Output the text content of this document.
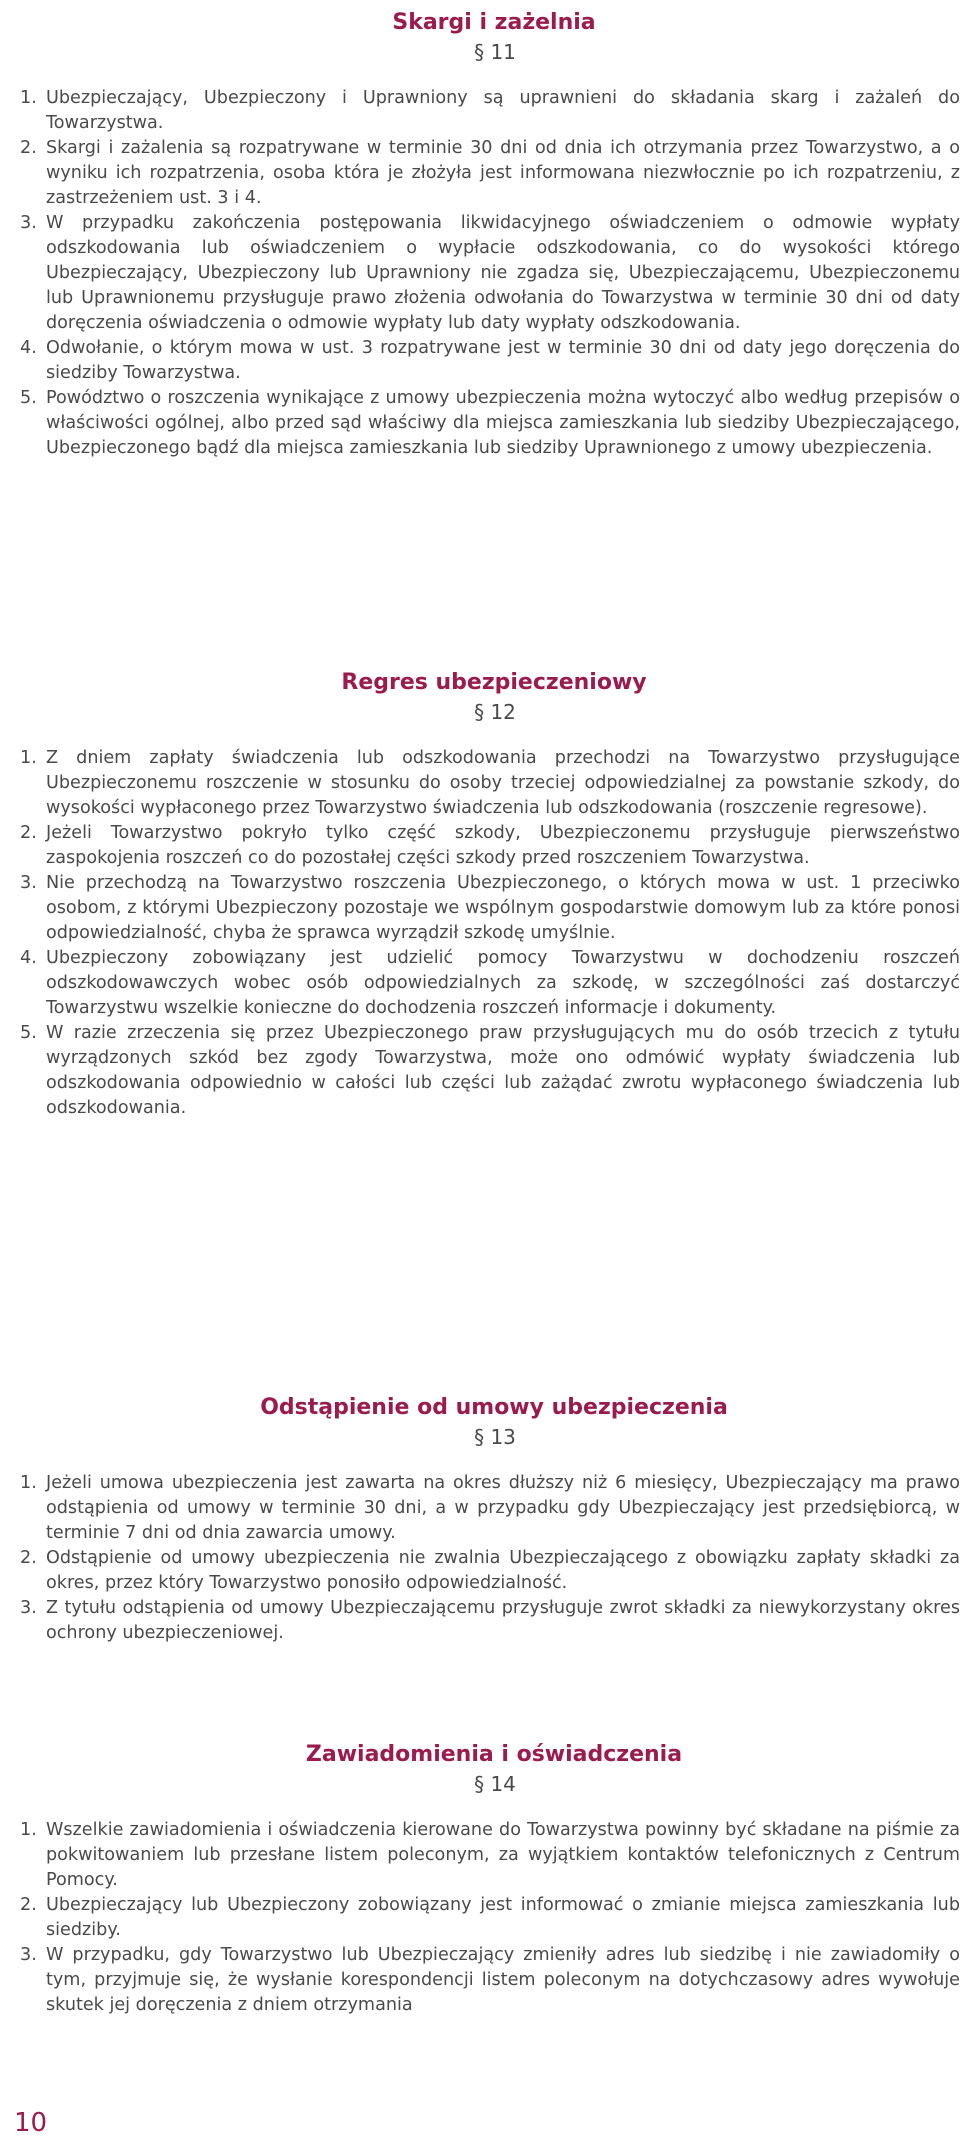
Skargi i zażelnia
§ 11
1. Ubezpieczający, Ubezpieczony i Uprawniony są uprawnieni do składania skarg i zażaleń do Towarzystwa.
2. Skargi i zażalenia są rozpatrywane w terminie 30 dni od dnia ich otrzymania przez Towarzystwo, a o wyniku ich rozpatrzenia, osoba która je złożyła jest informowana niezwłocznie po ich rozpatrzeniu, z zastrzeżeniem ust. 3 i 4.
3. W przypadku zakończenia postępowania likwidacyjnego oświadczeniem o odmowie wypłaty odszkodowania lub oświadczeniem o wypłacie odszkodowania, co do wysokości którego Ubezpieczający, Ubezpieczony lub Uprawniony nie zgadza się, Ubezpieczającemu, Ubezpieczonemu lub Uprawnionemu przysługuje prawo złożenia odwołania do Towarzystwa w terminie 30 dni od daty doręczenia oświadczenia o odmowie wypłaty lub daty wypłaty odszkodowania.
4. Odwołanie, o którym mowa w ust. 3 rozpatrywane jest w terminie 30 dni od daty jego doręczenia do siedziby Towarzystwa.
5. Powództwo o roszczenia wynikające z umowy ubezpieczenia można wytoczyć albo według przepisów o właściwości ogólnej, albo przed sąd właściwy dla miejsca zamieszkania lub siedziby Ubezpieczającego, Ubezpieczonego bądź dla miejsca zamieszkania lub siedziby Uprawnionego z umowy ubezpieczenia.
Regres ubezpieczeniowy
§ 12
1. Z dniem zapłaty świadczenia lub odszkodowania przechodzi na Towarzystwo przysługujące Ubezpieczonemu roszczenie w stosunku do osoby trzeciej odpowiedzialnej za powstanie szkody, do wysokości wypłaconego przez Towarzystwo świadczenia lub odszkodowania (roszczenie regresowe).
2. Jeżeli Towarzystwo pokryło tylko część szkody, Ubezpieczonemu przysługuje pierwszeństwo zaspokojenia roszczeń co do pozostałej części szkody przed roszczeniem Towarzystwa.
3. Nie przechodzą na Towarzystwo roszczenia Ubezpieczonego, o których mowa w ust. 1 przeciwko osobom, z którymi Ubezpieczony pozostaje we wspólnym gospodarstwie domowym lub za które ponosi odpowiedzialność, chyba że sprawca wyrządził szkodę umyślnie.
4. Ubezpieczony zobowiązany jest udzielić pomocy Towarzystwu w dochodzeniu roszczeń odszkodowawczych wobec osób odpowiedzialnych za szkodę, w szczególności zaś dostarczyć Towarzystwu wszelkie konieczne do dochodzenia roszczeń informacje i dokumenty.
5. W razie zrzeczenia się przez Ubezpieczonego praw przysługujących mu do osób trzecich z tytułu wyrządzonych szkód bez zgody Towarzystwa, może ono odmówić wypłaty świadczenia lub odszkodowania odpowiednio w całości lub części lub zażądać zwrotu wypłaconego świadczenia lub odszkodowania.
Odstąpienie od umowy ubezpieczenia
§ 13
1. Jeżeli umowa ubezpieczenia jest zawarta na okres dłuższy niż 6 miesięcy, Ubezpieczający ma prawo odstąpienia od umowy w terminie 30 dni, a w przypadku gdy Ubezpieczający jest przedsiębiorcą, w terminie 7 dni od dnia zawarcia umowy.
2. Odstąpienie od umowy ubezpieczenia nie zwalnia Ubezpieczającego z obowiązku zapłaty składki za okres, przez który Towarzystwo ponosiło odpowiedzialność.
3. Z tytułu odstąpienia od umowy Ubezpieczającemu przysługuje zwrot składki za niewykorzystany okres ochrony ubezpieczeniowej.
Zawiadomienia i oświadczenia
§ 14
1. Wszelkie zawiadomienia i oświadczenia kierowane do Towarzystwa powinny być składane na piśmie za pokwitowaniem lub przesłane listem poleconym, za wyjątkiem kontaktów telefonicznych z Centrum Pomocy.
2. Ubezpieczający lub Ubezpieczony zobowiązany jest informować o zmianie miejsca zamieszkania lub siedziby.
3. W przypadku, gdy Towarzystwo lub Ubezpieczający zmieniły adres lub siedzibę i nie zawiadomiły o tym, przyjmuje się, że wysłanie korespondencji listem poleconym na dotychczasowy adres wywołuje skutek jej doręczenia z dniem otrzymania
10
